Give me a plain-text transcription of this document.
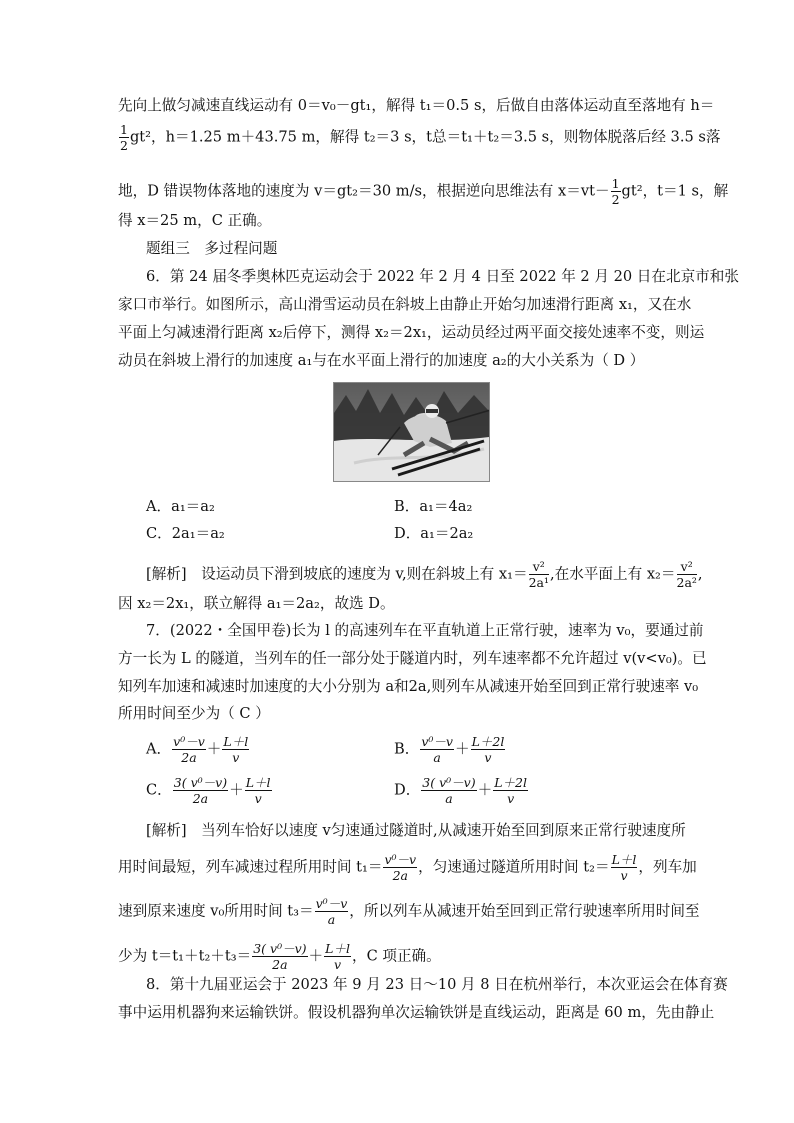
先向上做匀减速直线运动有 0＝v₀－gt₁，解得 t₁＝0.5 s，后做自由落体运动直至落地有 h＝
$\frac{1}{2} gt^2$，h＝1.25 m＋43.75 m，解得 t₂＝3 s，t总＝t₁＋t₂＝3.5 s，则物体脱落后经 3.5 s落
地，D 错误物体落地的速度为 v＝gt₂＝30 m/s，根据逆向思维法有 $x=vt- \frac{1}{2} gt^2$，t＝1 s，解
得 x＝25 m，C 正确。
题组三　多过程问题
6．第 24 届冬季奥林匹克运动会于 2022 年 2 月 4 日至 2022 年 2 月 20 日在北京市和张
家口市举行。如图所示，高山滑雪运动员在斜坡上由静止开始匀加速滑行距离 x₁，又在水
平面上匀减速滑行距离 x₂后停下，测得 x₂＝2x₁，运动员经过两平面交接处速率不变，则运
动员在斜坡上滑行的加速度 a₁与在水平面上滑行的加速度 a₂的大小关系为（ D ）
A．a₁＝a₂	B．a₁＝4a₂
C．2a₁＝a₂	D．a₁＝2a₂
[解析]　设运动员下滑到坡底的速度为 v,则在斜坡上有 $x_1= \frac{\text{v²}}{\text{2a¹}}$ ,在水平面上有 $x_2= \frac{\text{v²}}{\text{2a²}}$ ,
因 x₂＝2x₁，联立解得 a₁＝2a₂，故选 D。
7．(2022・全国甲卷)长为 l 的高速列车在平直轨道上正常行驶，速率为 v₀，要通过前
方一长为 L 的隧道，当列车的任一部分处于隧道内时，列车速率都不允许超过 v(v<v₀)。已
知列车加速和减速时加速度的大小分别为 a和2a,则列车从减速开始至回到正常行驶速率 v₀
所用时间至少为（ C ）
A． $\frac{\text{v⁰－v}}{2a} + \frac{L+l}{v}$	B． $\frac{\text{v⁰－v}}{a} + \frac{L+2l}{v}$
C． $\frac{\text{3( v⁰－v)}}{2a} + \frac{L+l}{v}$	D． $\frac{\text{3( v⁰－v)}}{a} + \frac{L+2l}{v}$
[解析]　当列车恰好以速度 v匀速通过隧道时,从减速开始至回到原来正常行驶速度所
用时间最短，列车减速过程所用时间 $t_1= \frac{\text{v⁰－v}}{2a}$ ，匀速通过隧道所用时间 $t_2= \frac{L+l}{v}$ ，列车加
速到原来速度 v₀所用时间 $t_3= \frac{\text{v⁰－v}}{a}$ ，所以列车从减速开始至回到正常行驶速率所用时间至
少为 $t=t_1+t_2+t_3= \frac{\text{3( v⁰－v)}}{2a} + \frac{L+l}{v}$ ，C 项正确。
8．第十九届亚运会于 2023 年 9 月 23 日～10 月 8 日在杭州举行，本次亚运会在体育赛
事中运用机器狗来运输铁饼。假设机器狗单次运输铁饼是直线运动，距离是 60 m，先由静止
